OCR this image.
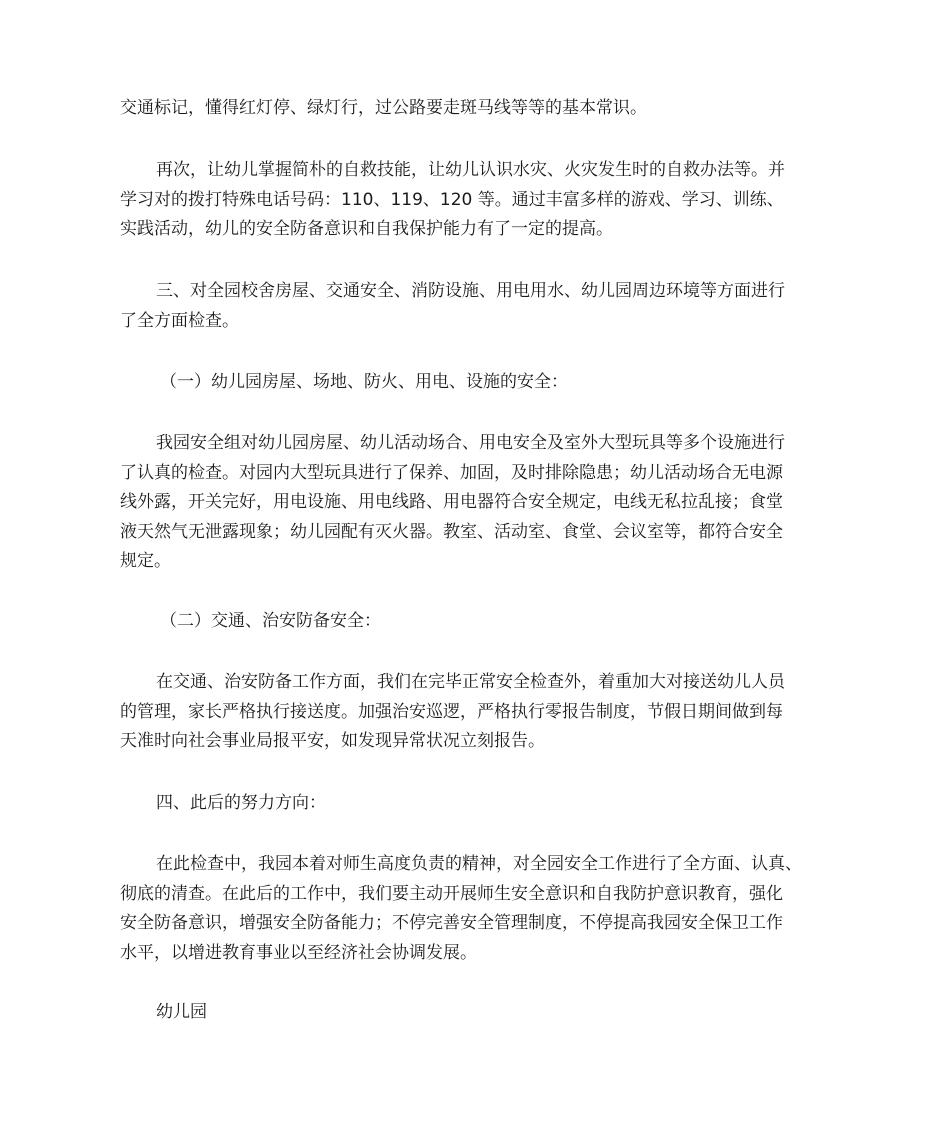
交通标记，懂得红灯停、绿灯行，过公路要走斑马线等等的基本常识。

再次，让幼儿掌握简朴的自救技能，让幼儿认识水灾、火灾发生时的自救办法等。并
学习对的拨打特殊电话号码：110、119、120 等。通过丰富多样的游戏、学习、训练、
实践活动，幼儿的安全防备意识和自我保护能力有了一定的提高。

三、对全园校舍房屋、交通安全、消防设施、用电用水、幼儿园周边环境等方面进行
了全方面检查。

（一）幼儿园房屋、场地、防火、用电、设施的安全：

我园安全组对幼儿园房屋、幼儿活动场合、用电安全及室外大型玩具等多个设施进行
了认真的检查。对园内大型玩具进行了保养、加固，及时排除隐患；幼儿活动场合无电源
线外露，开关完好，用电设施、用电线路、用电器符合安全规定，电线无私拉乱接；食堂
液天然气无泄露现象；幼儿园配有灭火器。教室、活动室、食堂、会议室等，都符合安全
规定。

（二）交通、治安防备安全：

在交通、治安防备工作方面，我们在完毕正常安全检查外，着重加大对接送幼儿人员
的管理，家长严格执行接送度。加强治安巡逻，严格执行零报告制度，节假日期间做到每
天准时向社会事业局报平安，如发现异常状况立刻报告。

四、此后的努力方向：

在此检查中，我园本着对师生高度负责的精神，对全园安全工作进行了全方面、认真、
彻底的清查。在此后的工作中，我们要主动开展师生安全意识和自我防护意识教育，强化
安全防备意识，增强安全防备能力；不停完善安全管理制度，不停提高我园安全保卫工作
水平，以增进教育事业以至经济社会协调发展。

幼儿园
